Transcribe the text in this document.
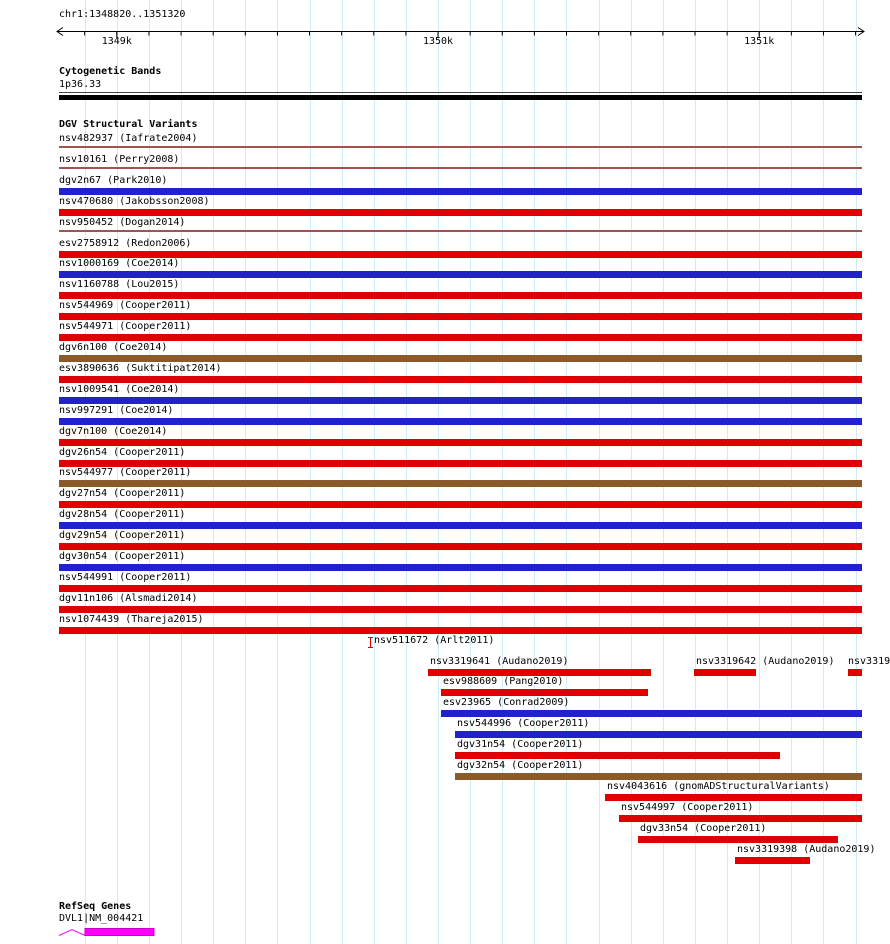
chr1:1348820..1351320
1349k	1350k	1351k
Cytogenetic Bands
1p36.33
DGV Structural Variants
nsv482937 (Iafrate2004)
nsv10161 (Perry2008)
dgv2n67 (Park2010)
nsv470680 (Jakobsson2008)
nsv950452 (Dogan2014)
esv2758912 (Redon2006)
nsv1000169 (Coe2014)
nsv1160788 (Lou2015)
nsv544969 (Cooper2011)
nsv544971 (Cooper2011)
dgv6n100 (Coe2014)
esv3890636 (Suktitipat2014)
nsv1009541 (Coe2014)
nsv997291 (Coe2014)
dgv7n100 (Coe2014)
dgv26n54 (Cooper2011)
nsv544977 (Cooper2011)
dgv27n54 (Cooper2011)
dgv28n54 (Cooper2011)
dgv29n54 (Cooper2011)
dgv30n54 (Cooper2011)
nsv544991 (Cooper2011)
dgv11n106 (Alsmadi2014)
nsv1074439 (Thareja2015)
nsv511672 (Arlt2011)
nsv3319641 (Audano2019)	nsv3319642 (Audano2019) nsv3319
esv988609 (Pang2010)
esv23965 (Conrad2009)
nsv544996 (Cooper2011)
dgv31n54 (Cooper2011)
dgv32n54 (Cooper2011)
nsv4043616 (gnomADStructuralVariants)
nsv544997 (Cooper2011)
dgv33n54 (Cooper2011)
nsv3319398 (Audano2019)
RefSeq Genes
DVL1|NM_004421
